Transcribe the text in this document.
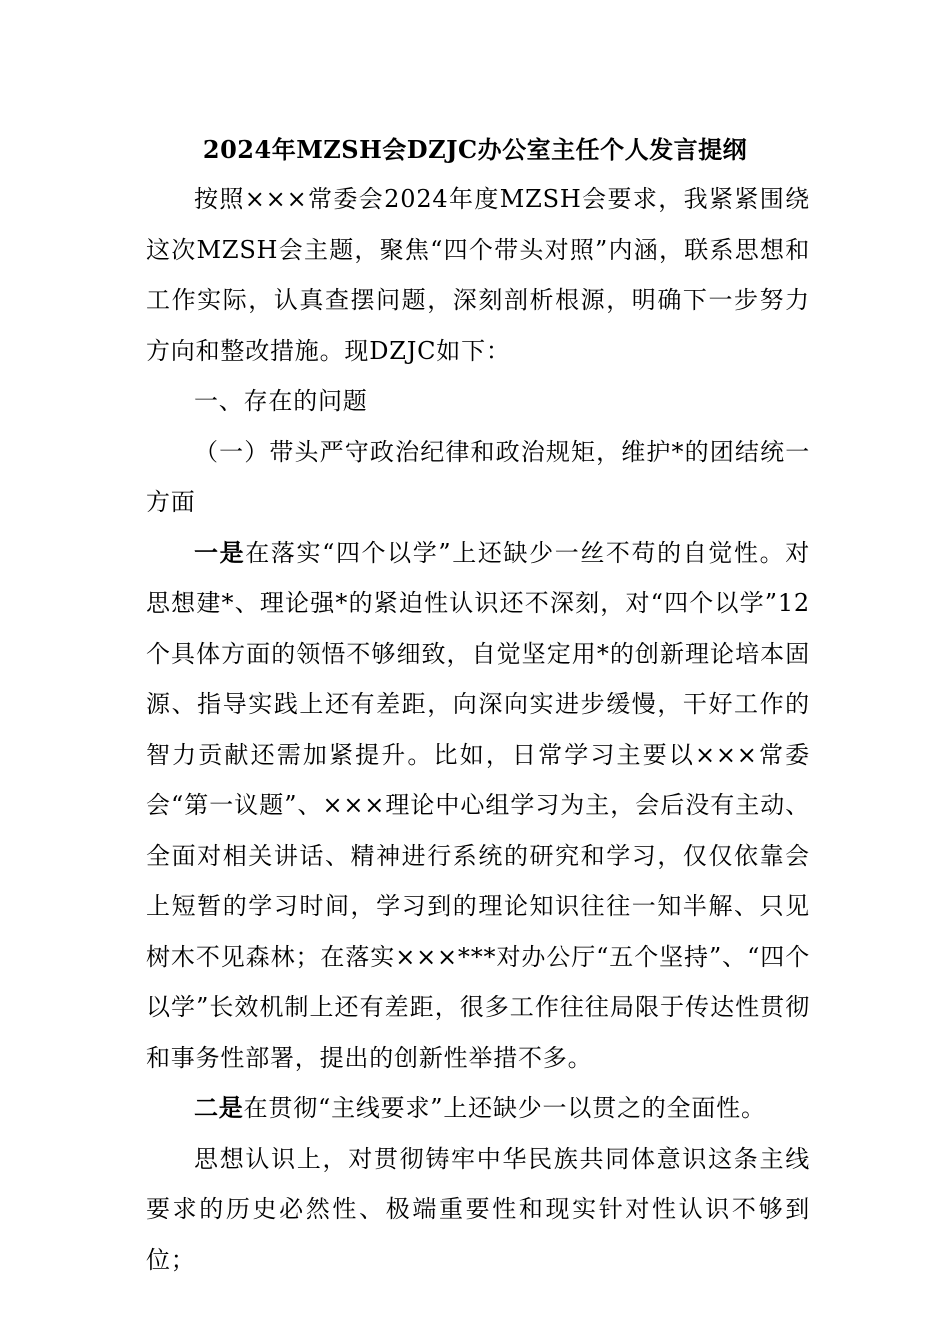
2024年MZSH会DZJC办公室主任个人发言提纲

按照×××常委会2024年度MZSH会要求，我紧紧围绕这次MZSH会主题，聚焦“四个带头对照”内涵，联系思想和工作实际，认真查摆问题，深刻剖析根源，明确下一步努力方向和整改措施。现DZJC如下：

一、存在的问题

（一）带头严守政治纪律和政治规矩，维护*的团结统一方面

一是在落实“四个以学”上还缺少一丝不苟的自觉性。对思想建*、理论强*的紧迫性认识还不深刻，对“四个以学”12个具体方面的领悟不够细致，自觉坚定用*的创新理论培本固源、指导实践上还有差距，向深向实进步缓慢，干好工作的智力贡献还需加紧提升。比如，日常学习主要以×××常委会“第一议题”、×××理论中心组学习为主，会后没有主动、全面对相关讲话、精神进行系统的研究和学习，仅仅依靠会上短暂的学习时间，学习到的理论知识往往一知半解、只见树木不见森林；在落实×××***对办公厅“五个坚持”、“四个以学”长效机制上还有差距，很多工作往往局限于传达性贯彻和事务性部署，提出的创新性举措不多。

二是在贯彻“主线要求”上还缺少一以贯之的全面性。

思想认识上，对贯彻铸牢中华民族共同体意识这条主线要求的历史必然性、极端重要性和现实针对性认识不够到位；
